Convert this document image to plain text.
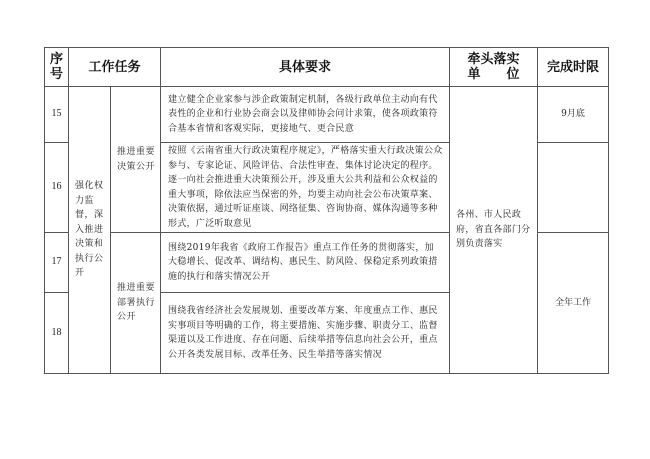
序号	工作任务		具体要求	牵头落实
单　　位	完成时限
15	强化权力监督，深入推进决策和执行公开	推进重要决策公开	建立健全企业家参与涉企政策制定机制，各级行政单位主动向有代表性的企业和行业协会商会以及律师协会问计求策，使各项政策符合基本省情和客观实际，更接地气、更合民意	各州、市人民政府，省直各部门分别负责落实	9月底
16			按照《云南省重大行政决策程序规定》，严格落实重大行政决策公众参与、专家论证、风险评估、合法性审查、集体讨论决定的程序。逐一向社会推进重大决策预公开，涉及重大公共利益和公众权益的重大事项，除依法应当保密的外，均要主动向社会公布决策草案、决策依据，通过听证座谈、网络征集、咨询协商、媒体沟通等多种形式，广泛听取意见		
17		推进重要部署执行公开	围绕2019年我省《政府工作报告》重点工作任务的贯彻落实，加大稳增长、促改革、调结构、惠民生、防风险、保稳定系列政策措施的执行和落实情况公开		全年工作
18			围绕我省经济社会发展规划、重要改革方案、年度重点工作、惠民实事项目等明确的工作，将主要措施、实施步骤、职责分工、监督渠道以及工作进度、存在问题、后续举措等信息向社会公开，重点公开各类发展目标、改革任务、民生举措等落实情况		
